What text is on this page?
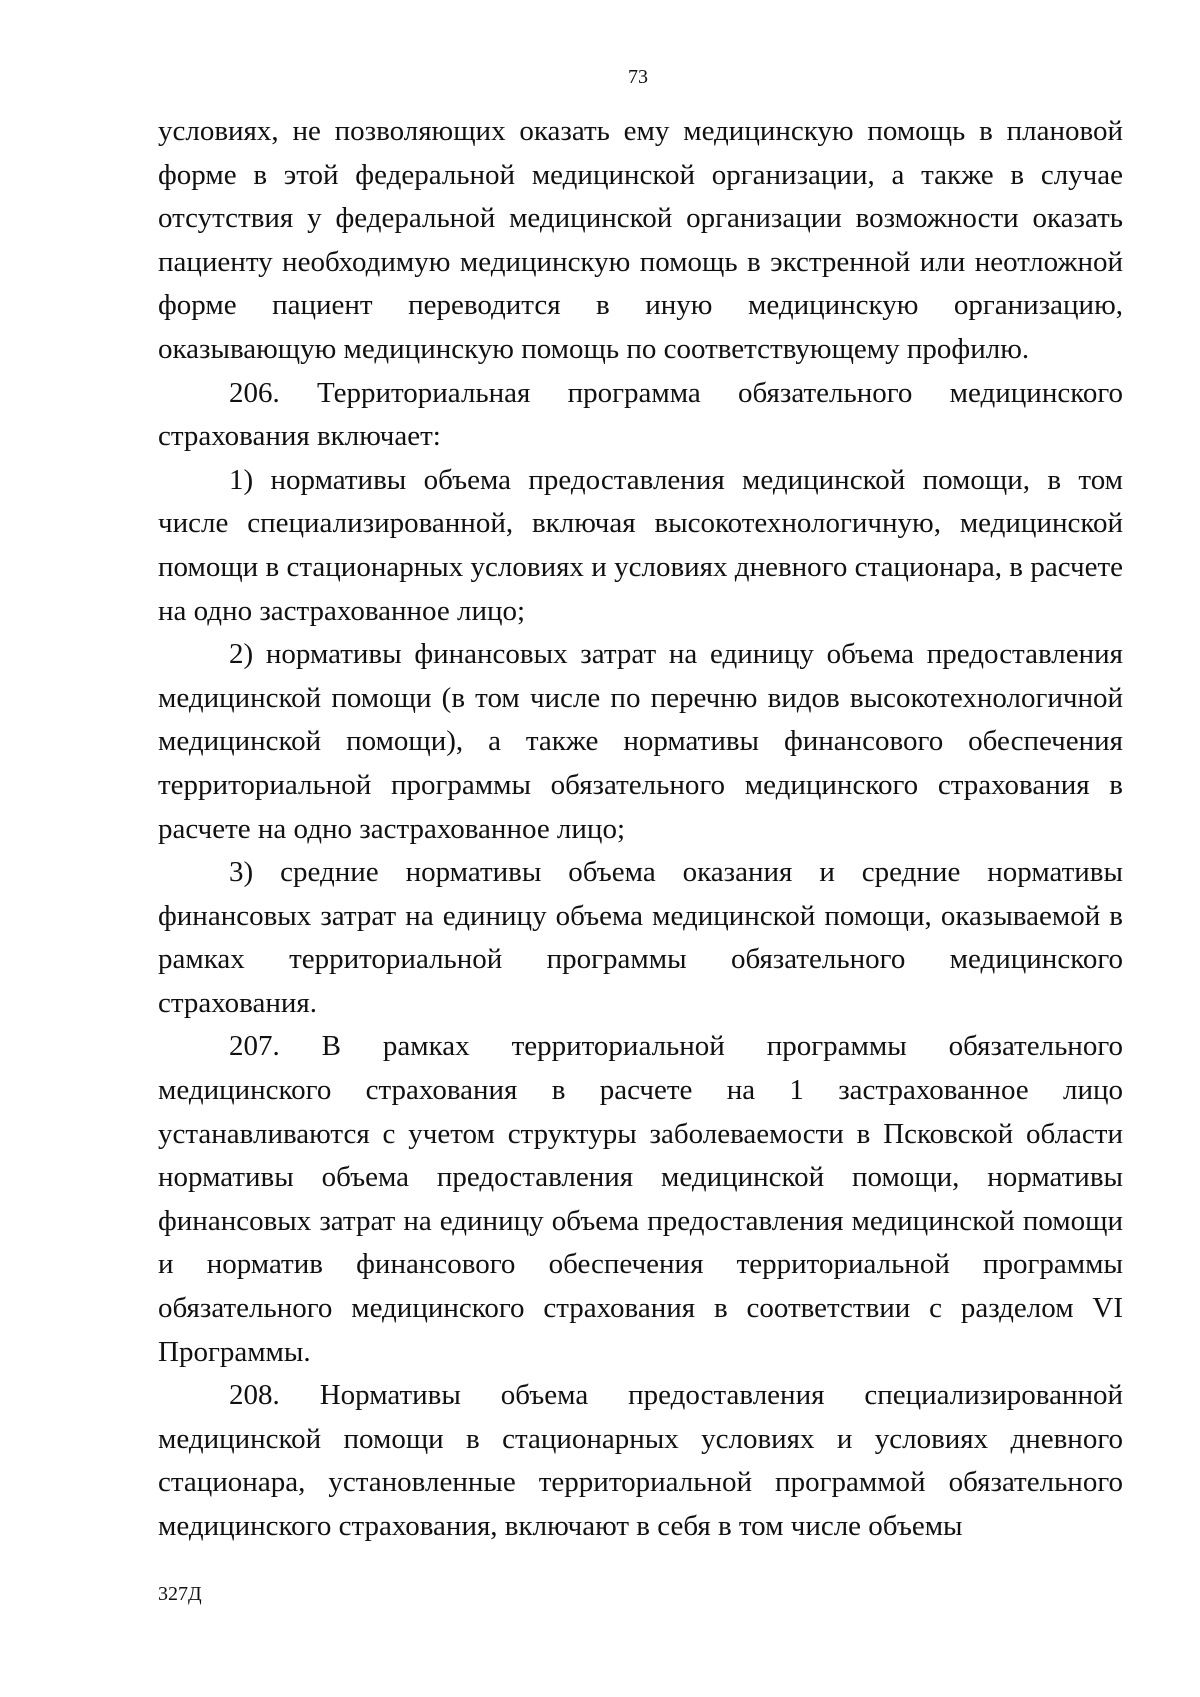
73

условиях, не позволяющих оказать ему медицинскую помощь в плановой форме в этой федеральной медицинской организации, а также в случае отсутствия у федеральной медицинской организации возможности оказать пациенту необходимую медицинскую помощь в экстренной или неотложной форме пациент переводится в иную медицинскую организацию, оказывающую медицинскую помощь по соответствующему профилю.

206. Территориальная программа обязательного медицинского страхования включает:

1) нормативы объема предоставления медицинской помощи, в том числе специализированной, включая высокотехнологичную, медицинской помощи в стационарных условиях и условиях дневного стационара, в расчете на одно застрахованное лицо;

2) нормативы финансовых затрат на единицу объема предоставления медицинской помощи (в том числе по перечню видов высокотехнологичной медицинской помощи), а также нормативы финансового обеспечения территориальной программы обязательного медицинского страхования в расчете на одно застрахованное лицо;

3) средние нормативы объема оказания и средние нормативы финансовых затрат на единицу объема медицинской помощи, оказываемой в рамках территориальной программы обязательного медицинского страхования.

207. В рамках территориальной программы обязательного медицинского страхования в расчете на 1 застрахованное лицо устанавливаются с учетом структуры заболеваемости в Псковской области нормативы объема предоставления медицинской помощи, нормативы финансовых затрат на единицу объема предоставления медицинской помощи и норматив финансового обеспечения территориальной программы обязательного медицинского страхования в соответствии с разделом VI Программы.

208. Нормативы объема предоставления специализированной медицинской помощи в стационарных условиях и условиях дневного стационара, установленные территориальной программой обязательного медицинского страхования, включают в себя в том числе объемы

327Д
